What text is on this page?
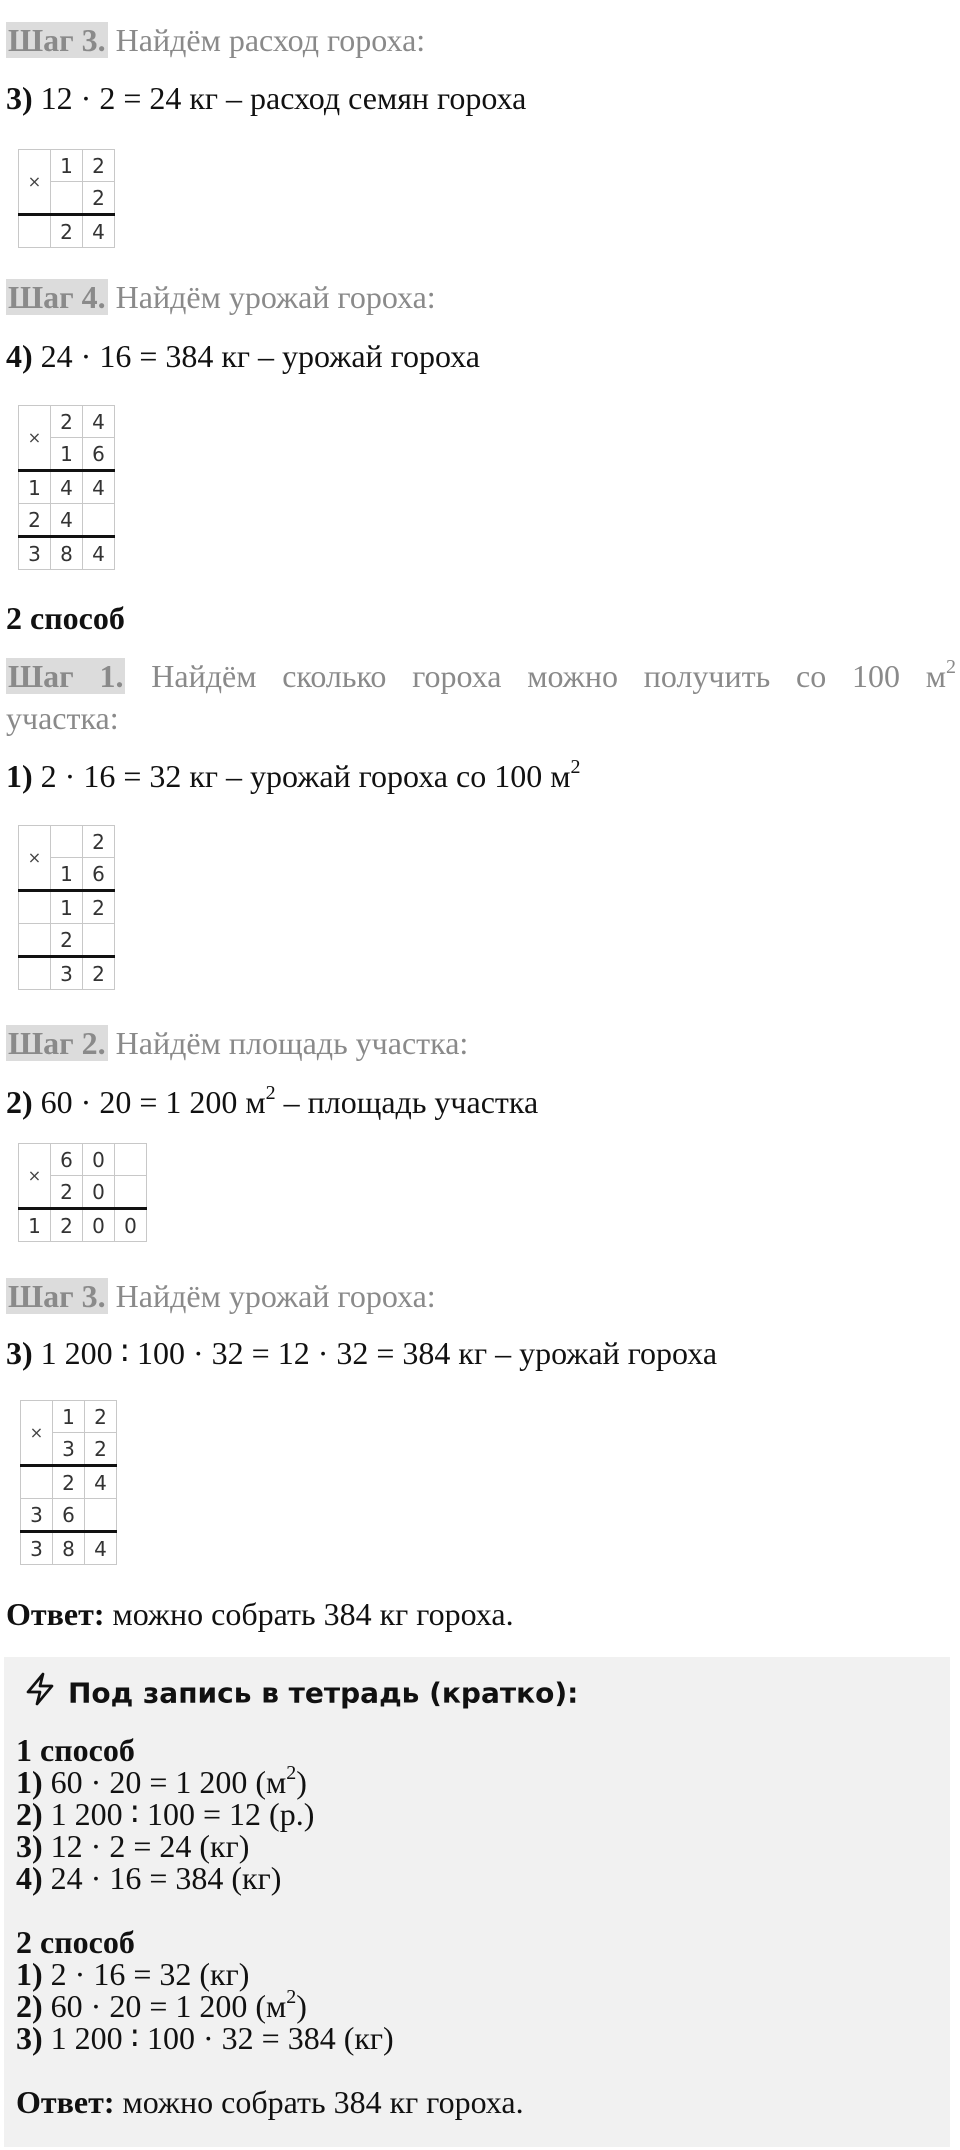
Шаг 3. Найдём расход гороха:
3) 12 · 2 = 24 кг – расход семян гороха
×	1	2
		2
	2	4
Шаг 4. Найдём урожай гороха:
4) 24 · 16 = 384 кг – урожай гороха
×	2	4
	1	6
1	4	4
2	4	
3	8	4
2 способ
Шаг 1. Найдём сколько гороха можно получить со 100 $м^2$
участка:
1) 2 · 16 = 32 кг – урожай гороха со 100 $м^2$
×		2
	1	6
	1	2
	2	
	3	2
Шаг 2. Найдём площадь участка:
2) 60 · 20 = 1 200 $м^2$ – площадь участка
×	6	0	
	2	0	
1	2	0	0
Шаг 3. Найдём урожай гороха:
3) 1 200 ∶ 100 · 32 = 12 · 32 = 384 кг – урожай гороха
×	1	2
	3	2
	2	4
3	6	
3	8	4
Ответ: можно собрать 384 кг гороха.
Под запись в тетрадь (кратко):
1 способ
1) 60 · 20 = 1 200 $(м^2)$
2) 1 200 ∶ 100 = 12 (р.)
3) 12 · 2 = 24 (кг)
4) 24 · 16 = 384 (кг)
2 способ
1) 2 · 16 = 32 (кг)
2) 60 · 20 = 1 200 $(м^2)$
3) 1 200 ∶ 100 · 32 = 384 (кг)
Ответ: можно собрать 384 кг гороха.
